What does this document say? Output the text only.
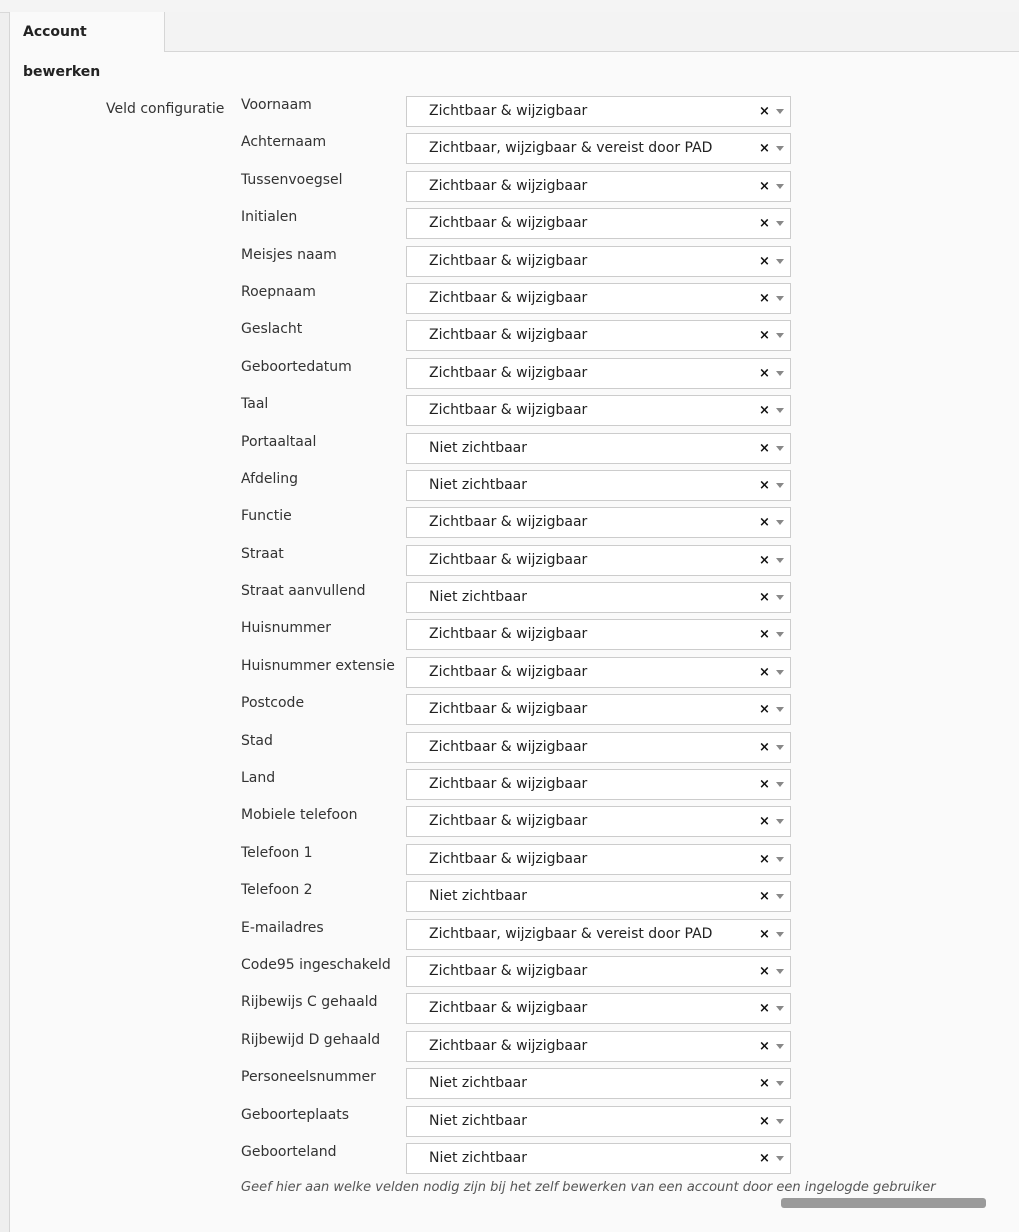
Account bewerken
Veld configuratie Voornaam	Zichtbaar & wijzigbaar	×
Achternaam	Zichtbaar, wijzigbaar & vereist door PAD	×
Tussenvoegsel	Zichtbaar & wijzigbaar	×
Initialen	Zichtbaar & wijzigbaar	×
Meisjes naam	Zichtbaar & wijzigbaar	×
Roepnaam	Zichtbaar & wijzigbaar	×
Geslacht	Zichtbaar & wijzigbaar	×
Geboortedatum	Zichtbaar & wijzigbaar	×
Taal	Zichtbaar & wijzigbaar	×
Portaaltaal	Niet zichtbaar	×
Afdeling	Niet zichtbaar	×
Functie	Zichtbaar & wijzigbaar	×
Straat	Zichtbaar & wijzigbaar	×
Straat aanvullend	Niet zichtbaar	×
Huisnummer	Zichtbaar & wijzigbaar	×
Huisnummer extensie Zichtbaar & wijzigbaar	×
Postcode	Zichtbaar & wijzigbaar	×
Stad	Zichtbaar & wijzigbaar	×
Land	Zichtbaar & wijzigbaar	×
Mobiele telefoon	Zichtbaar & wijzigbaar	×
Telefoon 1	Zichtbaar & wijzigbaar	×
Telefoon 2	Niet zichtbaar	×
E-mailadres	Zichtbaar, wijzigbaar & vereist door PAD	×
Code95 ingeschakeld	Zichtbaar & wijzigbaar	×
Rijbewijs C gehaald	Zichtbaar & wijzigbaar	×
Rijbewijd D gehaald	Zichtbaar & wijzigbaar	×
Personeelsnummer	Niet zichtbaar	×
Geboorteplaats	Niet zichtbaar	×
Geboorteland	Niet zichtbaar	×
Geef hier aan welke velden nodig zijn bij het zelf bewerken van een account door een ingelogde gebruiker
